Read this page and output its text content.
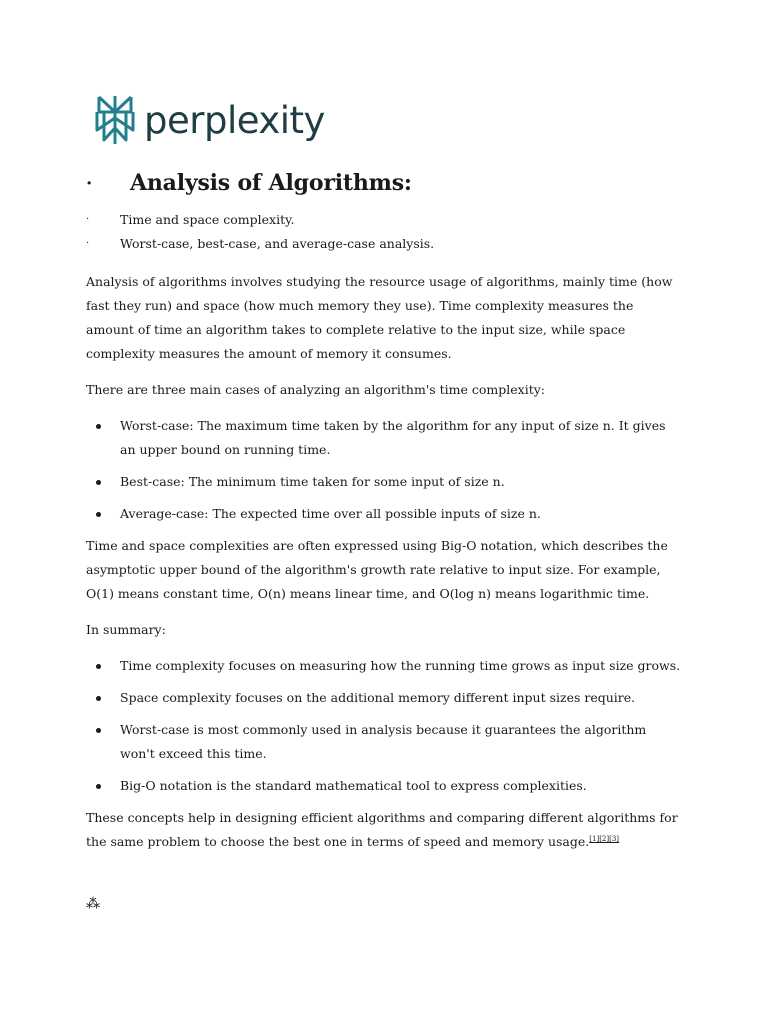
perplexity
·	Analysis of Algorithms:
·	Time and space complexity.
·	Worst-case, best-case, and average-case analysis.

Analysis of algorithms involves studying the resource usage of algorithms, mainly time (how fast they run) and space (how much memory they use). Time complexity measures the amount of time an algorithm takes to complete relative to the input size, while space complexity measures the amount of memory it consumes.

There are three main cases of analyzing an algorithm's time complexity:

Worst-case: The maximum time taken by the algorithm for any input of size n. It gives an upper bound on running time.
Best-case: The minimum time taken for some input of size n.
Average-case: The expected time over all possible inputs of size n.

Time and space complexities are often expressed using Big-O notation, which describes the asymptotic upper bound of the algorithm's growth rate relative to input size. For example, O(1) means constant time, O(n) means linear time, and O(log n) means logarithmic time.

In summary:

Time complexity focuses on measuring how the running time grows as input size grows.
Space complexity focuses on the additional memory different input sizes require.
Worst-case is most commonly used in analysis because it guarantees the algorithm won't exceed this time.
Big-O notation is the standard mathematical tool to express complexities.

These concepts help in designing efficient algorithms and comparing different algorithms for the same problem to choose the best one in terms of speed and memory usage.[1][2][3]

⁂
